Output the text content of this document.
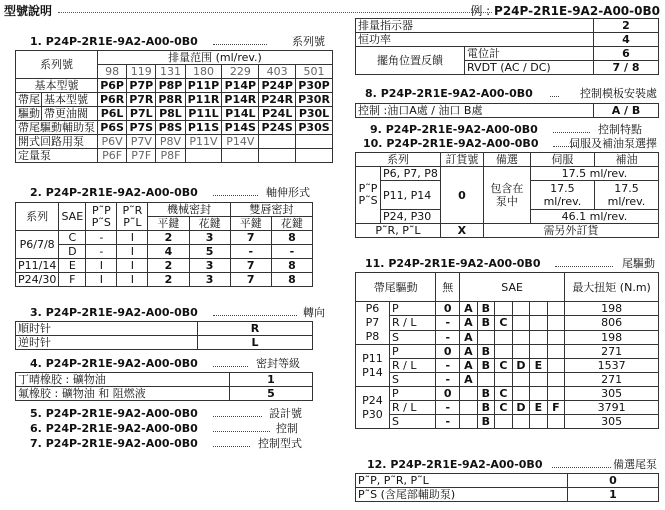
型號說明	例 : P24P-2R1E-9A2-A00-0B0
1. P24P-2R1E-9A2-A00-0B0	系列號
系列號	排量范围 (ml/rev.)						
	98	119	131	180	229	403	501
基本型號	P6P	P7P	P8P	P11P	P14P	P24P	P30P

帶尾 基本型號	P6R	P7R	P8R	P11R	P14R	P24R	P30R

驅動 帶更油閥	P6L	P7L	P8L	P11L	P14L	P24L	P30L
帶尾驅動輔助泵	P6S	P7S	P8S	P11S	P14S	P24S	P30S
開式回路用泵	P6V	P7V	P8V	P11V	P14V		
定量泵	P6F	P7F	P8F				
2. P24P-2R1E-9A2-A00-0B0	軸伸形式
系列	SAE	P˜P P˜S	P˜R P˜L	機械密封		雙唇密封	
				平鍵	花鍵	平鍵	花鍵
P6/7/8	C	-	I	2	3	7	8
	D	-	I	4	5	-	-
P11/14	E	I	I	2	3	7	8
P24/30	F	I	I	2	3	7	8
3. P24P-2R1E-9A2-A00-0B0	轉向
順时针	R
逆时针	L
4. P24P-2R1E-9A2-A00-0B0	密封等級
丁晴橡胶 : 礦物油	1
氟橡胶 : 礦物油 和 阻燃液	5
5. P24P-2R1E-9A2-A00-0B0	設計號
6. P24P-2R1E-9A2-A00-0B0	控制
7. P24P-2R1E-9A2-A00-0B0	控制型式
排量指示器		2
恒功率		4
擺角位置反饋	電位計	6
	RVDT (AC / DC)	7 / 8
8. P24P-2R1E-9A2-A00-0B0	控制模板安裝處
控制 :油口A處 / 油口 B處	A / B
9. P24P-2R1E-9A2-A00-0B0	控制特點
10. P24P-2R1E-9A2-A00-0B0	伺服及補油泵選擇
系列		訂貨號	備選	伺服	補油
P˜P P˜S	P6, P7, P8	0	包含在 泵中	17.5 ml/rev.	
	P11, P14			17.5 ml/rev.	17.5 ml/rev.
	P24, P30			46.1 ml/rev.	
P˜R, P˜L		X	需另外訂貨		
11. P24P-2R1E-9A2-A00-0B0	尾驅動
帶尾驅動		無	SAE						最大扭矩 (N.m)
P6 P7 P8	P	0	A	B					198
	R / L	-	A	B	C				806
	S	-	A						198
P11 P14	P	0	A	B					271
	R / L	-	A	B	C	D	E		1537
	S	-	A						271
P24 P30	P	0		B	C				305
	R / L	-		B	C	D	E	F	3791
	S	-		B					305
12. P24P-2R1E-9A2-A00-0B0	備選尾泵
P˜P, P˜R, P˜L	0
P˜S (含尾部輔助泵)	1
